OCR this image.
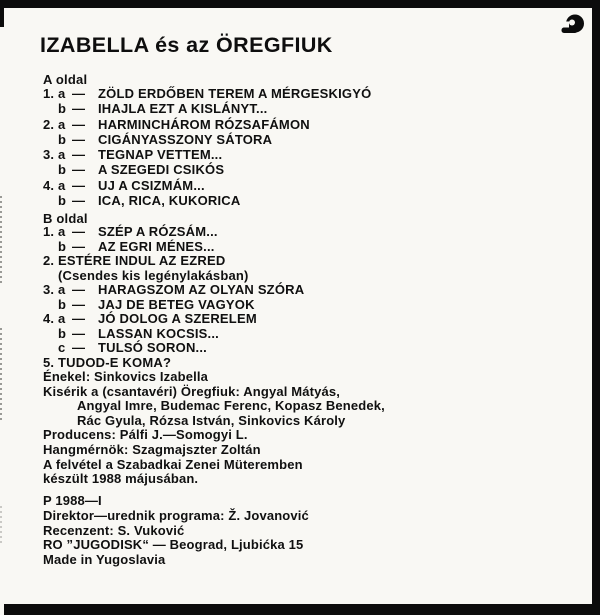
IZABELLA és az ÖREGFIUK
A oldal
1. a — ZÖLD ERDŐBEN TEREM A MÉRGESKIGYÓ
b — IHAJLA EZT A KISLÁNYT...
2. a — HARMINCHÁROM RÓZSAFÁMON
b — CIGÁNYASSZONY SÁTORA
3. a — TEGNAP VETTEM...
b — A SZEGEDI CSIKÓS
4. a — UJ A CSIZMÁM...
b — ICA, RICA, KUKORICA
B oldal
1. a — SZÉP A RÓZSÁM...
b — AZ EGRI MÉNES...
2. ESTÉRE INDUL AZ EZRED
(Csendes kis legénylakásban)
3. a — HARAGSZOM AZ OLYAN SZÓRA
b — JAJ DE BETEG VAGYOK
4. a — JÓ DOLOG A SZERELEM
b — LASSAN KOCSIS...
c — TULSÓ SORON...
5. TUDOD-E KOMA?
Énekel: Sinkovics Izabella
Kisérik a (csantavéri) Öregfiuk: Angyal Mátyás,
Angyal Imre, Budemac Ferenc, Kopasz Benedek,
Rác Gyula, Rózsa István, Sinkovics Károly
Producens: Pálfi J.—Somogyi L.
Hangmérnök: Szagmajszter Zoltán
A felvétel a Szabadkai Zenei Müteremben
készült 1988 májusában.
P 1988—I
Direktor—urednik programa: Ž. Jovanović
Recenzent: S. Vuković
RO ”JUGODISK“ — Beograd, Ljubićka 15
Made in Yugoslavia
